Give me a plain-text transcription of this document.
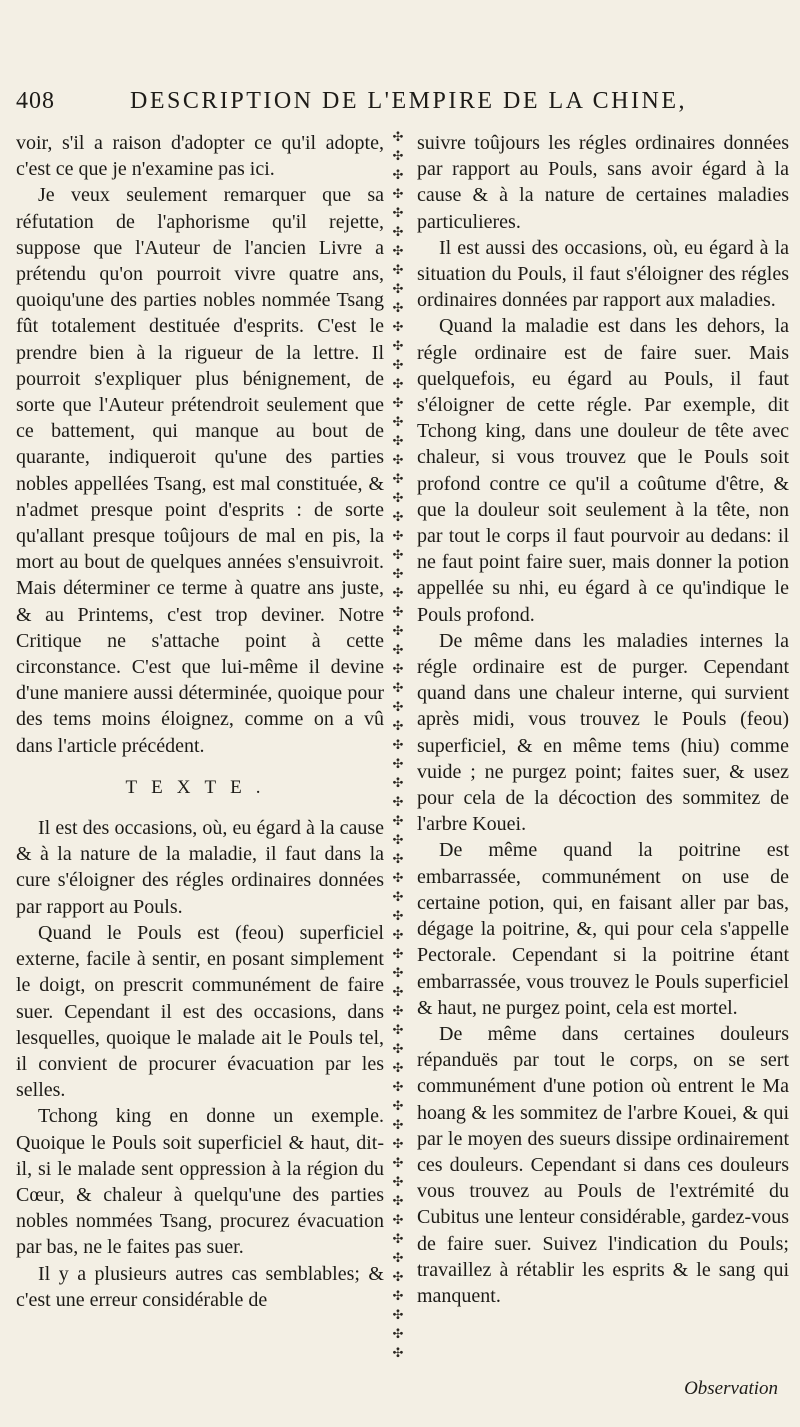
408	DESCRIPTION DE L'EMPIRE DE LA CHINE,

voir, s'il a raison d'adopter ce qu'il adopte, c'est ce que je n'examine pas ici.

Je veux seulement remarquer que sa réfutation de l'aphorisme qu'il rejette, suppose que l'Auteur de l'ancien Livre a prétendu qu'on pourroit vivre quatre ans, quoiqu'une des parties nobles nommée Tsang fût totalement destituée d'esprits. C'est le prendre bien à la rigueur de la lettre. Il pourroit s'expliquer plus bénignement, de sorte que l'Auteur prétendroit seulement que ce battement, qui manque au bout de quarante, indiqueroit qu'une des parties nobles appellées Tsang, est mal constituée, & n'admet presque point d'esprits : de sorte qu'allant presque toûjours de mal en pis, la mort au bout de quelques années s'ensuivroit. Mais déterminer ce terme à quatre ans juste, & au Printems, c'est trop deviner. Notre Critique ne s'attache point à cette circonstance. C'est que lui-même il devine d'une maniere aussi déterminée, quoique pour des tems moins éloignez, comme on a vû dans l'article précédent.

TEXTE.

Il est des occasions, où, eu égard à la cause & à la nature de la maladie, il faut dans la cure s'éloigner des régles ordinaires données par rapport au Pouls.

Quand le Pouls est (feou) superficiel externe, facile à sentir, en posant simplement le doigt, on prescrit communément de faire suer. Cependant il est des occasions, dans lesquelles, quoique le malade ait le Pouls tel, il convient de procurer évacuation par les selles.

Tchong king en donne un exemple. Quoique le Pouls soit superficiel & haut, dit-il, si le malade sent oppression à la région du Cœur, & chaleur à quelqu'une des parties nobles nommées Tsang, procurez évacuation par bas, ne le faites pas suer.

Il y a plusieurs autres cas semblables; & c'est une erreur considérable de

✣
✣
✣
✣
✣
✣
✣
✣
✣
✣
✣
✣
✣
✣
✣
✣
✣
✣
✣
✣
✣
✣
✣
✣
✣
✣
✣
✣
✣
✣
✣
✣
✣
✣
✣
✣
✣
✣
✣
✣
✣
✣
✣
✣
✣
✣
✣
✣
✣
✣
✣
✣
✣
✣
✣
✣
✣
✣
✣
✣
✣
✣
✣
✣
✣

suivre toûjours les régles ordinaires données par rapport au Pouls, sans avoir égard à la cause & à la nature de certaines maladies particulieres.

Il est aussi des occasions, où, eu égard à la situation du Pouls, il faut s'éloigner des régles ordinaires données par rapport aux maladies.

Quand la maladie est dans les dehors, la régle ordinaire est de faire suer. Mais quelquefois, eu égard au Pouls, il faut s'éloigner de cette régle. Par exemple, dit Tchong king, dans une douleur de tête avec chaleur, si vous trouvez que le Pouls soit profond contre ce qu'il a coûtume d'être, & que la douleur soit seulement à la tête, non par tout le corps il faut pourvoir au dedans: il ne faut point faire suer, mais donner la potion appellée su nhi, eu égard à ce qu'indique le Pouls profond.

De même dans les maladies internes la régle ordinaire est de purger. Cependant quand dans une chaleur interne, qui survient après midi, vous trouvez le Pouls (feou) superficiel, & en même tems (hiu) comme vuide ; ne purgez point; faites suer, & usez pour cela de la décoction des sommitez de l'arbre Kouei.

De même quand la poitrine est embarrassée, communément on use de certaine potion, qui, en faisant aller par bas, dégage la poitrine, &, qui pour cela s'appelle Pectorale. Cependant si la poitrine étant embarrassée, vous trouvez le Pouls superficiel & haut, ne purgez point, cela est mortel.

De même dans certaines douleurs répanduës par tout le corps, on se sert communément d'une potion où entrent le Ma hoang & les sommitez de l'arbre Kouei, & qui par le moyen des sueurs dissipe ordinairement ces douleurs. Cependant si dans ces douleurs vous trouvez au Pouls de l'extrémité du Cubitus une lenteur considérable, gardez-vous de faire suer. Suivez l'indication du Pouls; travaillez à rétablir les esprits & le sang qui manquent.

Observation
